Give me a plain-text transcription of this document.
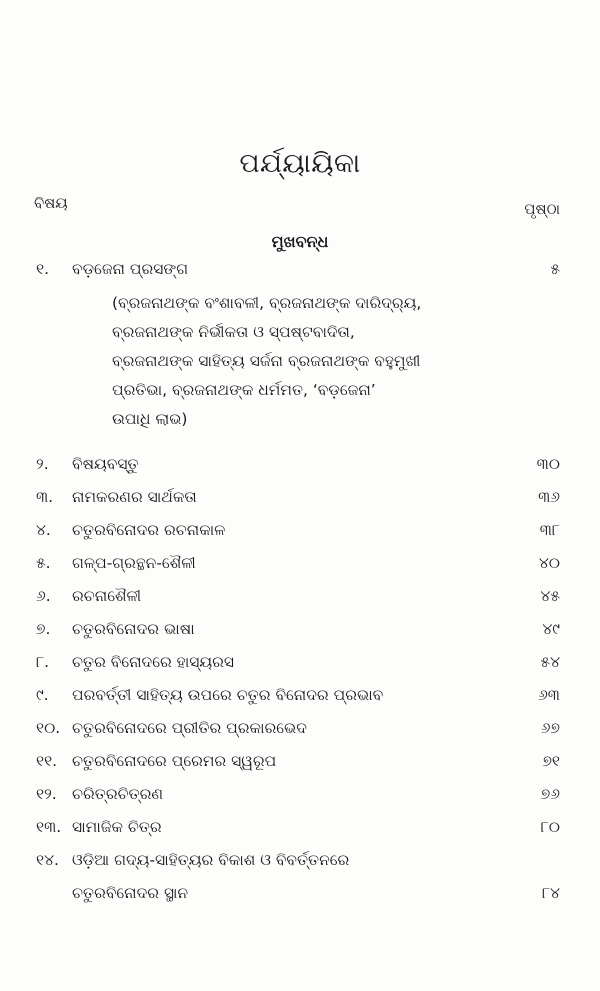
ପର୍ଯ୍ୟାୟିକା
ବିଷୟ	ପୃଷ୍ଠା
ମୁଖବନ୍ଧ
୧. ବଡ଼ଜେନା ପ୍ରସଙ୍ଗ	୫
(ବ୍ରଜନାଥଙ୍କ ବଂଶାବଳୀ, ବ୍ରଜନାଥଙ୍କ ଦାରିଦ୍ର୍ୟ,
ବ୍ରଜନାଥଙ୍କ ନିର୍ଭୀକତା ଓ ସ୍ପଷ୍ଟବାଦିତା,
ବ୍ରଜନାଥଙ୍କ ସାହିତ୍ୟ ସର୍ଜନା ବ୍ରଜନାଥଙ୍କ ବହୁମୁଖୀ
ପ୍ରତିଭା, ବ୍ରଜନାଥଙ୍କ ଧର୍ମମତ, ‘ବଡ଼ଜେନା’
ଉପାଧି ଲାଭ)
୨. ବିଷୟବସ୍ତୁ	୩୦
୩. ନାମକରଣର ସାର୍ଥକତା	୩୬
୪. ଚତୁରବିନୋଦର ରଚନାକାଳ	୩୮
୫. ଗଳ୍ପ-ଗ୍ରନ୍ଥନ-ଶୈଳୀ	୪୦
୬. ରଚନାଶୈଳୀ	୪୫
୭. ଚତୁରବିନୋଦର ଭାଷା	୪୯
୮. ଚତୁର ବିନୋଦରେ ହାସ୍ୟରସ	୫୪
୯. ପରବର୍ତ୍ତୀ ସାହିତ୍ୟ ଉପରେ ଚତୁର ବିନୋଦର ପ୍ରଭାବ	୬୩
୧୦. ଚତୁରବିନୋଦରେ ପ୍ରୀତିର ପ୍ରକାରଭେଦ	୬୭
୧୧. ଚତୁରବିନୋଦରେ ପ୍ରେମର ସ୍ୱରୂପ	୭୧
୧୨. ଚରିତ୍ରଚିତ୍ରଣ	୭୬
୧୩. ସାମାଜିକ ଚିତ୍ର	୮୦
୧୪. ଓଡ଼ିଆ ଗଦ୍ୟ-ସାହିତ୍ୟର ବିକାଶ ଓ ବିବର୍ତ୍ତନରେ
ଚତୁରବିନୋଦର ସ୍ଥାନ	୮୪
